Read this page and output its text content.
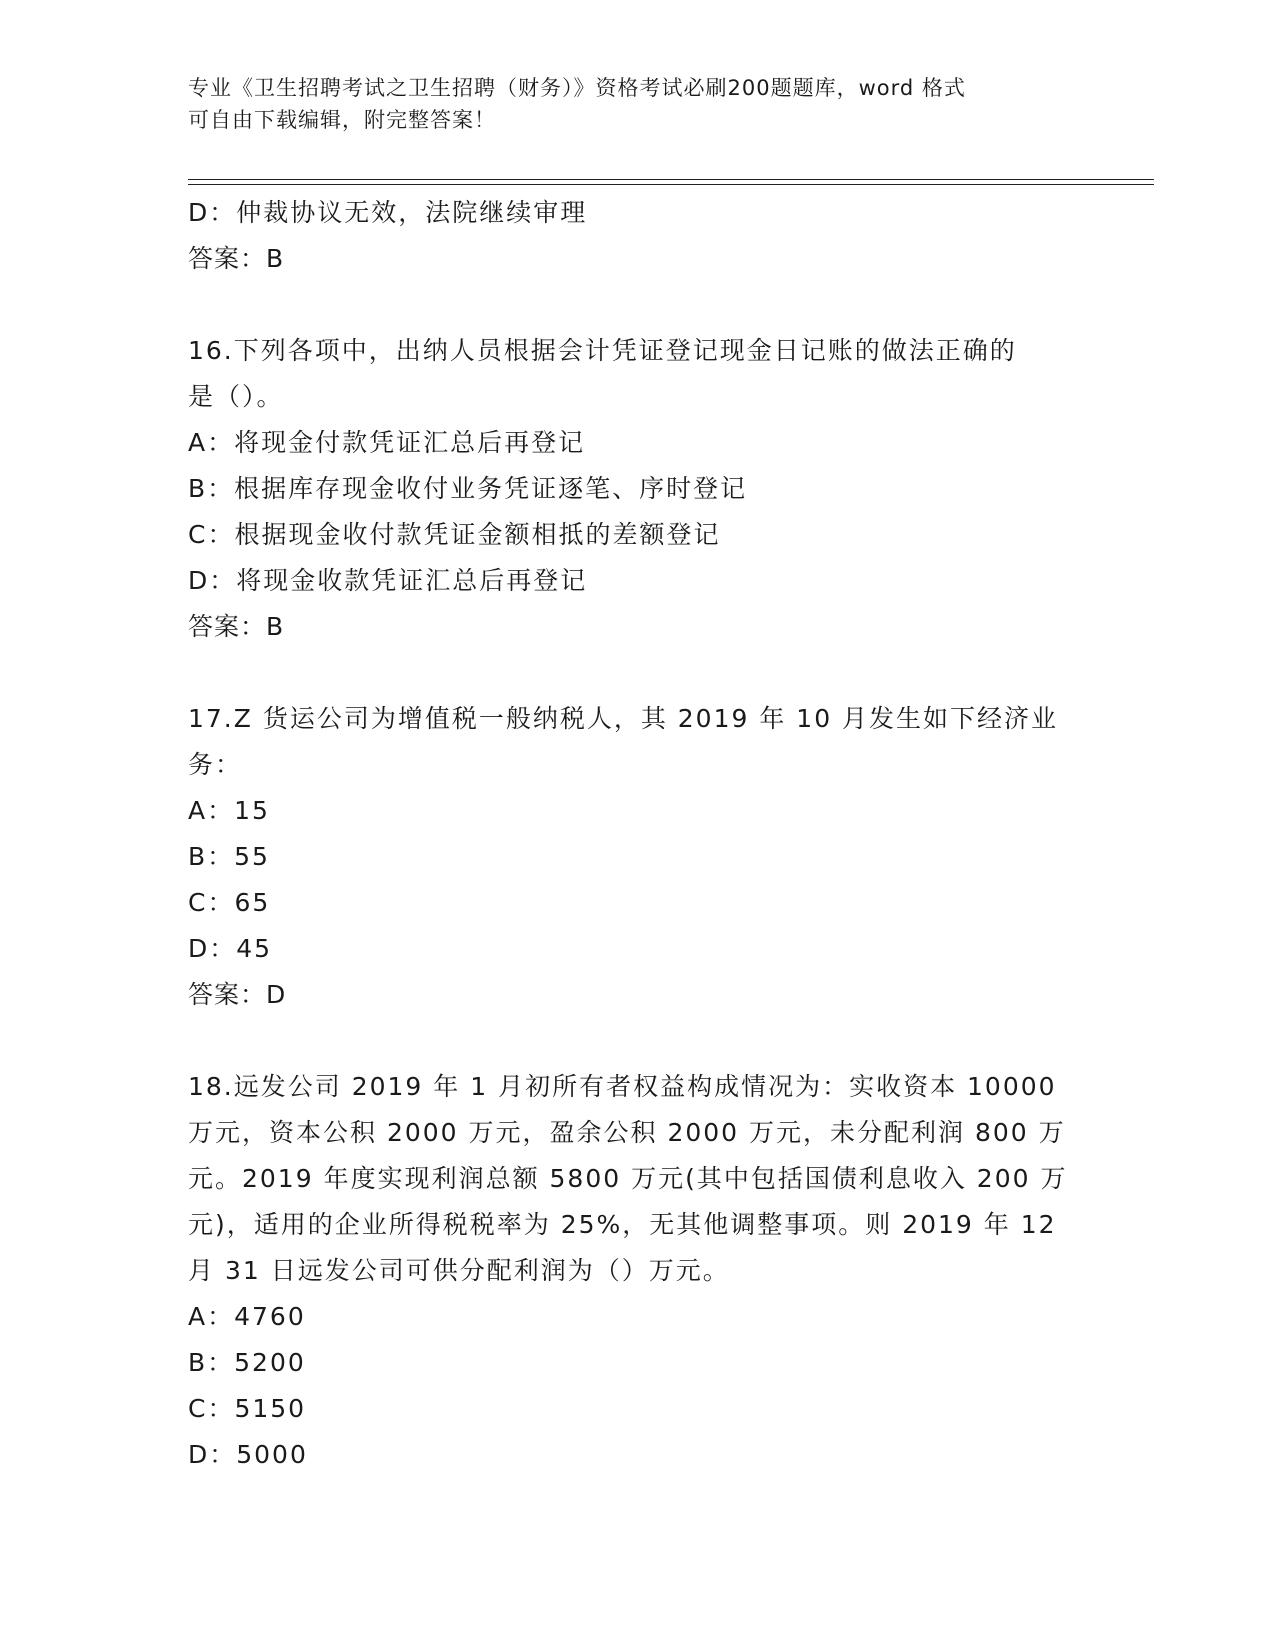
专业《卫生招聘考试之卫生招聘（财务）》资格考试必刷200题题库，word 格式
可自由下载编辑，附完整答案！
D：仲裁协议无效，法院继续审理
答案：B
16.下列各项中，出纳人员根据会计凭证登记现金日记账的做法正确的
是（）。
A：将现金付款凭证汇总后再登记
B：根据库存现金收付业务凭证逐笔、序时登记
C：根据现金收付款凭证金额相抵的差额登记
D：将现金收款凭证汇总后再登记
答案：B
17.Z 货运公司为增值税一般纳税人，其 2019 年 10 月发生如下经济业
务：
A：15
B：55
C：65
D：45
答案：D
18.远发公司 2019 年 1 月初所有者权益构成情况为：实收资本 10000
万元，资本公积 2000 万元，盈余公积 2000 万元，未分配利润 800 万
元。2019 年度实现利润总额 5800 万元(其中包括国债利息收入 200 万
元)，适用的企业所得税税率为 25%，无其他调整事项。则 2019 年 12
月 31 日远发公司可供分配利润为（）万元。
A：4760
B：5200
C：5150
D：5000
